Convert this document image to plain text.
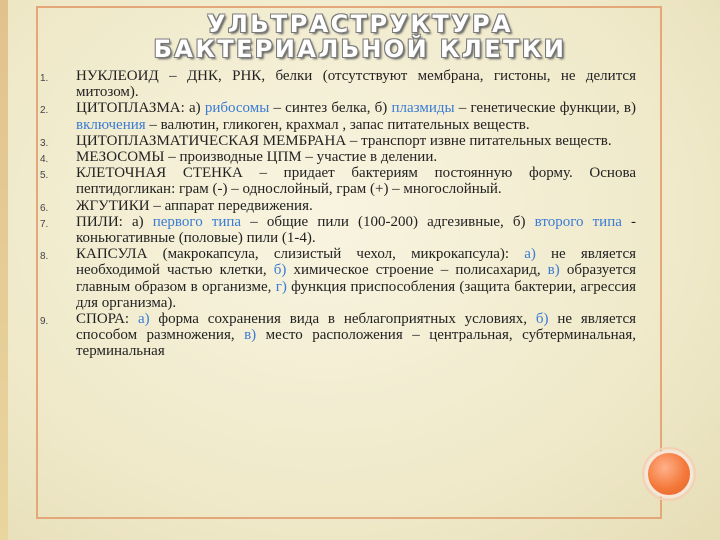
УЛЬТРАСТРУКТУРА
БАКТЕРИАЛЬНОЙ КЛЕТКИ
1. НУКЛЕОИД – ДНК, РНК, белки (отсутствуют мембрана, гистоны, не делится митозом).
2. ЦИТОПЛАЗМА: а) рибосомы – синтез белка, б) плазмиды – генетические функции, в) включения – валютин, гликоген, крахмал , запас питательных веществ.
3. ЦИТОПЛАЗМАТИЧЕСКАЯ МЕМБРАНА – транспорт извне питательных веществ.
4. МЕЗОСОМЫ – производные ЦПМ – участие в делении.
5. КЛЕТОЧНАЯ СТЕНКА – придает бактериям постоянную форму. Основа пептидогликан: грам (-) – однослойный, грам (+) – многослойный.
6. ЖГУТИКИ – аппарат передвижения.
7. ПИЛИ: а) первого типа – общие пили (100-200) адгезивные, б) второго типа - коньюгативные (половые) пили (1-4).
8. КАПСУЛА (макрокапсула, слизистый чехол, микрокапсула): а) не является необходимой частью клетки, б) химическое строение – полисахарид, в) образуется главным образом в организме, г) функция приспособления (защита бактерии, агрессия для организма).
9. СПОРА: а) форма сохранения вида в неблагоприятных условиях, б) не является способом размножения, в) место расположения – центральная, субтерминальная, терминальная
